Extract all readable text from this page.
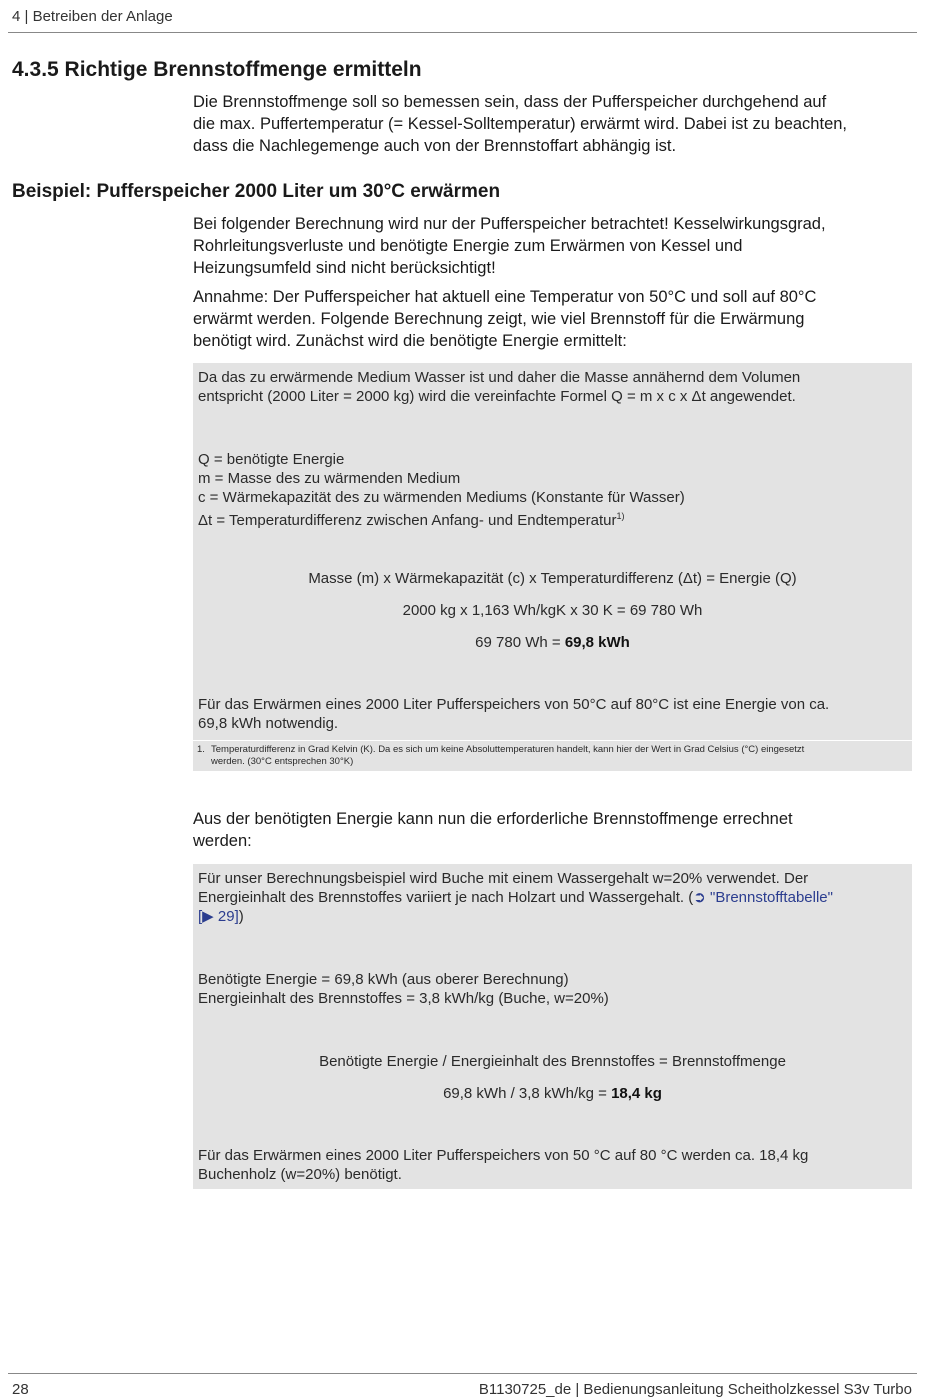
4 | Betreiben der Anlage
4.3.5 Richtige Brennstoffmenge ermitteln
Die Brennstoffmenge soll so bemessen sein, dass der Pufferspeicher durchgehend auf
die max. Puffertemperatur (= Kessel-Solltemperatur) erwärmt wird. Dabei ist zu beachten,
dass die Nachlegemenge auch von der Brennstoffart abhängig ist.
Beispiel: Pufferspeicher 2000 Liter um 30°C erwärmen
Bei folgender Berechnung wird nur der Pufferspeicher betrachtet! Kesselwirkungsgrad,
Rohrleitungsverluste und benötigte Energie zum Erwärmen von Kessel und
Heizungsumfeld sind nicht berücksichtigt!
Annahme: Der Pufferspeicher hat aktuell eine Temperatur von 50°C und soll auf 80°C
erwärmt werden. Folgende Berechnung zeigt, wie viel Brennstoff für die Erwärmung
benötigt wird. Zunächst wird die benötigte Energie ermittelt:

Da das zu erwärmende Medium Wasser ist und daher die Masse annähernd dem Volumen

entspricht (2000 Liter = 2000 kg) wird die vereinfachte Formel Q = m x c x Δt angewendet.

Q = benötigte Energie

m = Masse des zu wärmenden Medium

c = Wärmekapazität des zu wärmenden Mediums (Konstante für Wasser)

Δt = Temperaturdifferenz zwischen Anfang- und Endtemperatur$^{1)}$

Masse (m) x Wärmekapazität (c) x Temperaturdifferenz (Δt) = Energie (Q)
2000 kg x 1,163 Wh/kgK x 30 K = 69 780 Wh
69 780 Wh = 69,8 kWh

Für das Erwärmen eines 2000 Liter Pufferspeichers von 50°C auf 80°C ist eine Energie von ca.

69,8 kWh notwendig.

1. Temperaturdifferenz in Grad Kelvin (K). Da es sich um keine Absoluttemperaturen handelt, kann hier der Wert in Grad Celsius (°C) eingesetzt
werden. (30°C entsprechen 30°K)
Aus der benötigten Energie kann nun die erforderliche Brennstoffmenge errechnet
werden:

Für unser Berechnungsbeispiel wird Buche mit einem Wassergehalt w=20% verwendet. Der

Energieinhalt des Brennstoffes variiert je nach Holzart und Wassergehalt. (➲ "Brennstofftabelle"

[▶ 29])

Benötigte Energie = 69,8 kWh (aus oberer Berechnung)

Energieinhalt des Brennstoffes = 3,8 kWh/kg (Buche, w=20%)

Benötigte Energie / Energieinhalt des Brennstoffes = Brennstoffmenge
69,8 kWh / 3,8 kWh/kg = 18,4 kg

Für das Erwärmen eines 2000 Liter Pufferspeichers von 50 °C auf 80 °C werden ca. 18,4 kg

Buchenholz (w=20%) benötigt.

28	B1130725_de | Bedienungsanleitung Scheitholzkessel S3v Turbo
